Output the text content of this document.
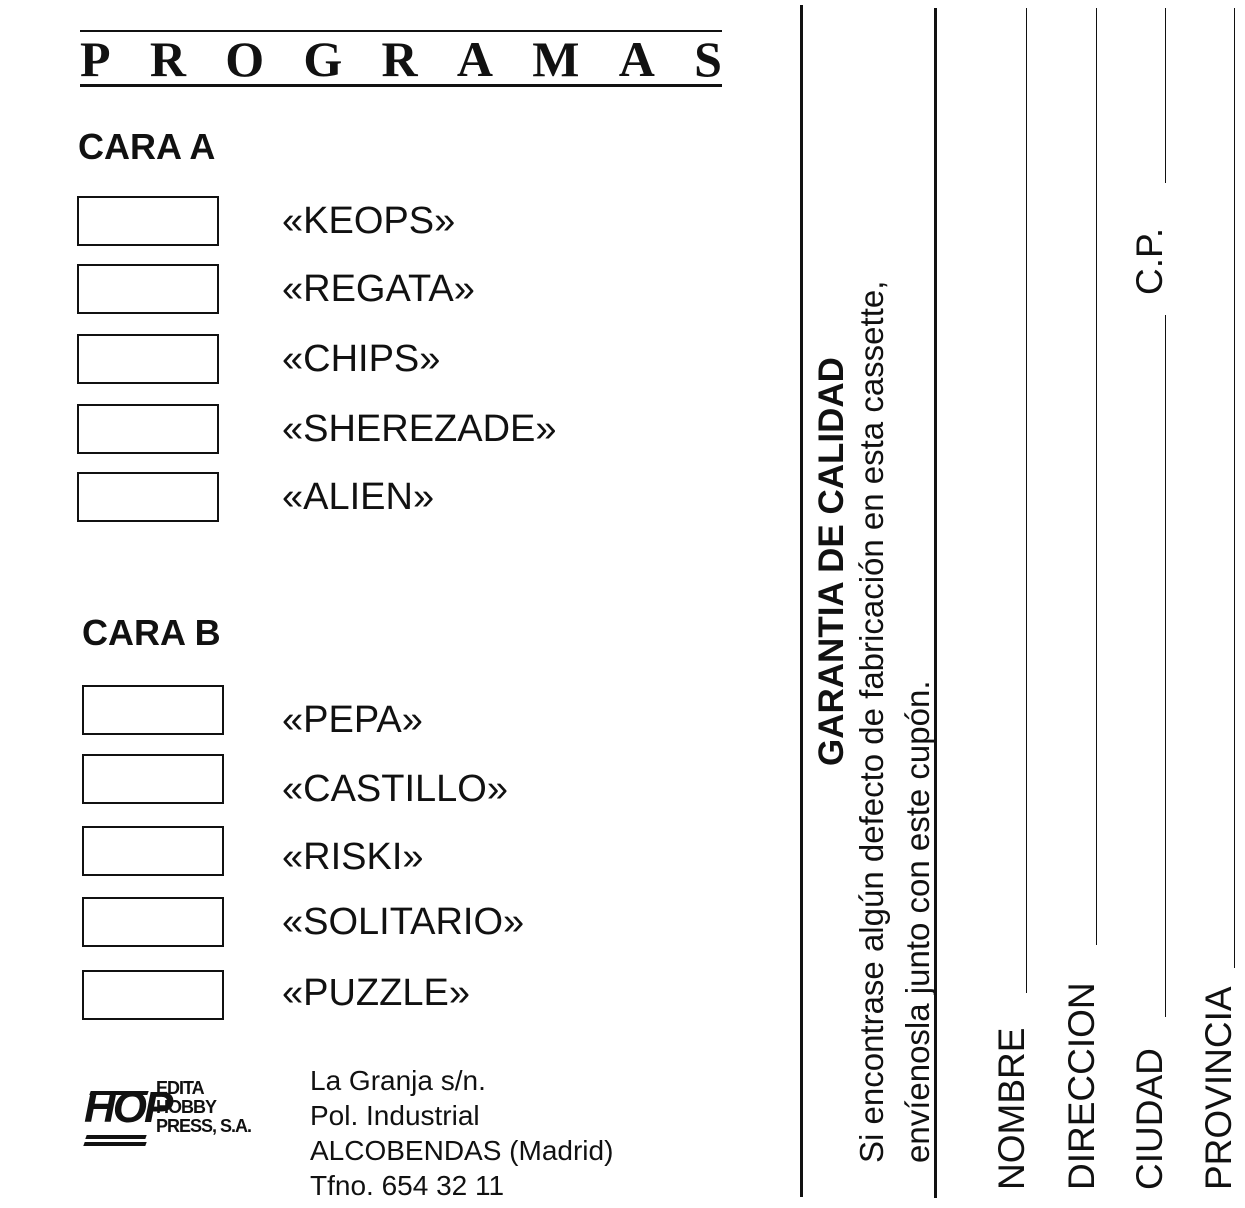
P R O G R A M A S
CARA A
«KEOPS»
«REGATA»
«CHIPS»
«SHEREZADE»
«ALIEN»
CARA B
«PEPA»
«CASTILLO»
«RISKI»
«SOLITARIO»
«PUZZLE»
HOP
EDITA
HOBBY
PRESS, S.A.
La Granja s/n.
Pol. Industrial
ALCOBENDAS (Madrid)
Tfno. 654 32 11
GARANTIA DE CALIDAD Si encontrase algún defecto de fabricación en esta cassette, envíenosla junto con este cupón. NOMBRE DIRECCION CIUDAD
C.P.
PROVINCIA
